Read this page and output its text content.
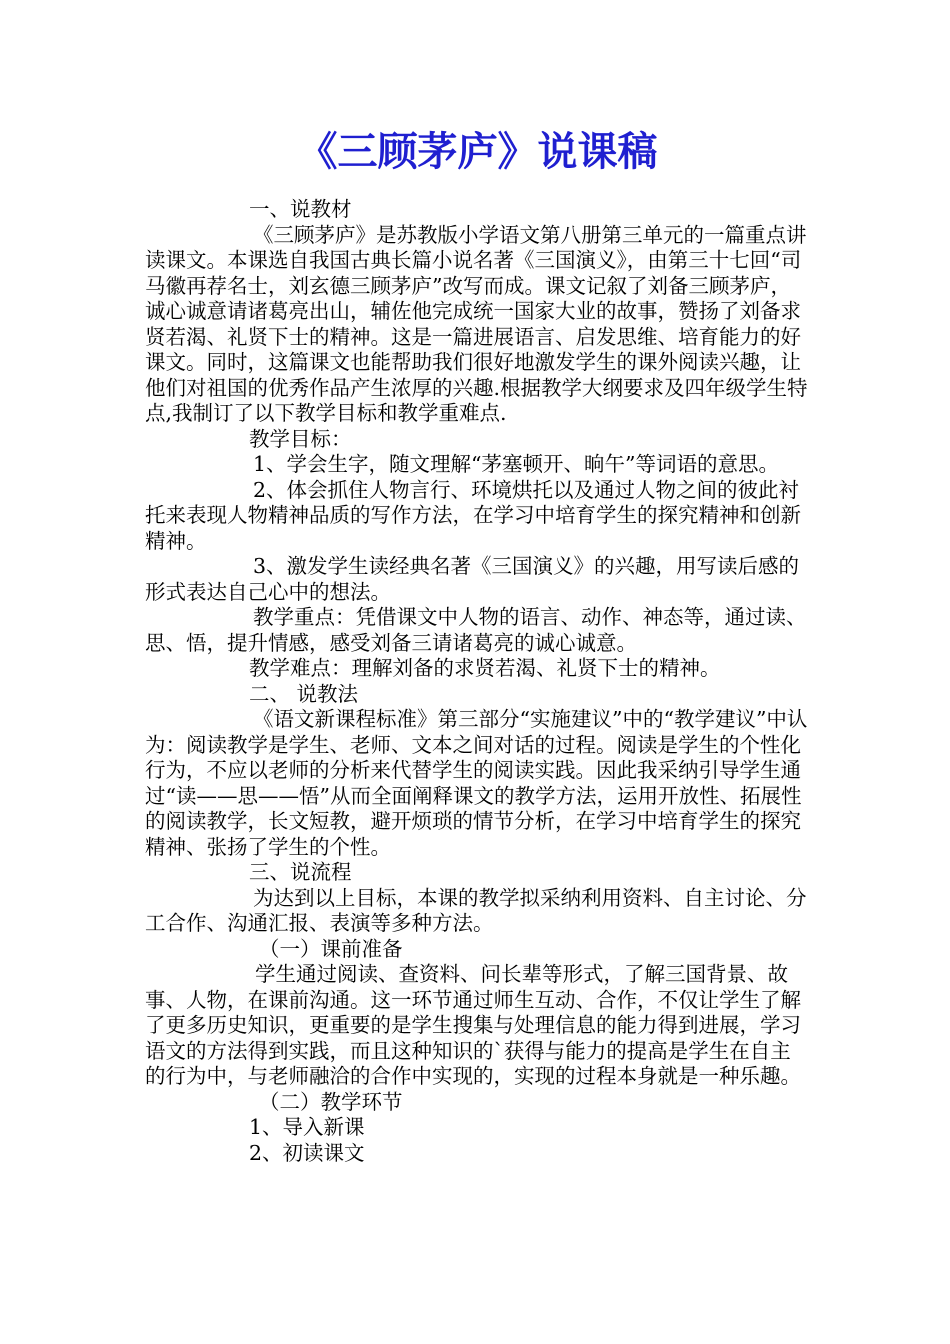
《三顾茅庐》说课稿

一、说教材

《三顾茅庐》是苏教版小学语文第八册第三单元的一篇重点讲读课文。本课选自我国古典长篇小说名著《三国演义》，由第三十七回“司马徽再荐名士，刘玄德三顾茅庐”改写而成。课文记叙了刘备三顾茅庐，诚心诚意请诸葛亮出山，辅佐他完成统一国家大业的故事，赞扬了刘备求贤若渴、礼贤下士的精神。这是一篇进展语言、启发思维、培育能力的好课文。同时，这篇课文也能帮助我们很好地激发学生的课外阅读兴趣，让他们对祖国的优秀作品产生浓厚的兴趣.根据教学大纲要求及四年级学生特点,我制订了以下教学目标和教学重难点.

教学目标：

1、学会生字，随文理解“茅塞顿开、晌午”等词语的意思。

2、体会抓住人物言行、环境烘托以及通过人物之间的彼此衬托来表现人物精神品质的写作方法，在学习中培育学生的探究精神和创新精神。

3、激发学生读经典名著《三国演义》的兴趣，用写读后感的形式表达自己心中的想法。

教学重点：凭借课文中人物的语言、动作、神态等，通过读、思、悟，提升情感，感受刘备三请诸葛亮的诚心诚意。

教学难点：理解刘备的求贤若渴、礼贤下士的精神。

二、 说教法

《语文新课程标准》第三部分“实施建议”中的“教学建议”中认为：阅读教学是学生、老师、文本之间对话的过程。阅读是学生的个性化行为，不应以老师的分析来代替学生的阅读实践。因此我采纳引导学生通过“读——思——悟”从而全面阐释课文的教学方法，运用开放性、拓展性的阅读教学，长文短教，避开烦琐的情节分析，在学习中培育学生的探究精神、张扬了学生的个性。

三、说流程

为达到以上目标，本课的教学拟采纳利用资料、自主讨论、分工合作、沟通汇报、表演等多种方法。

（一）课前准备

学生通过阅读、查资料、问长辈等形式，了解三国背景、故事、人物，在课前沟通。这一环节通过师生互动、合作，不仅让学生了解了更多历史知识，更重要的是学生搜集与处理信息的能力得到进展，学习语文的方法得到实践，而且这种知识的`获得与能力的提高是学生在自主的行为中，与老师融洽的合作中实现的，实现的过程本身就是一种乐趣。

（二）教学环节

1、导入新课

2、初读课文
